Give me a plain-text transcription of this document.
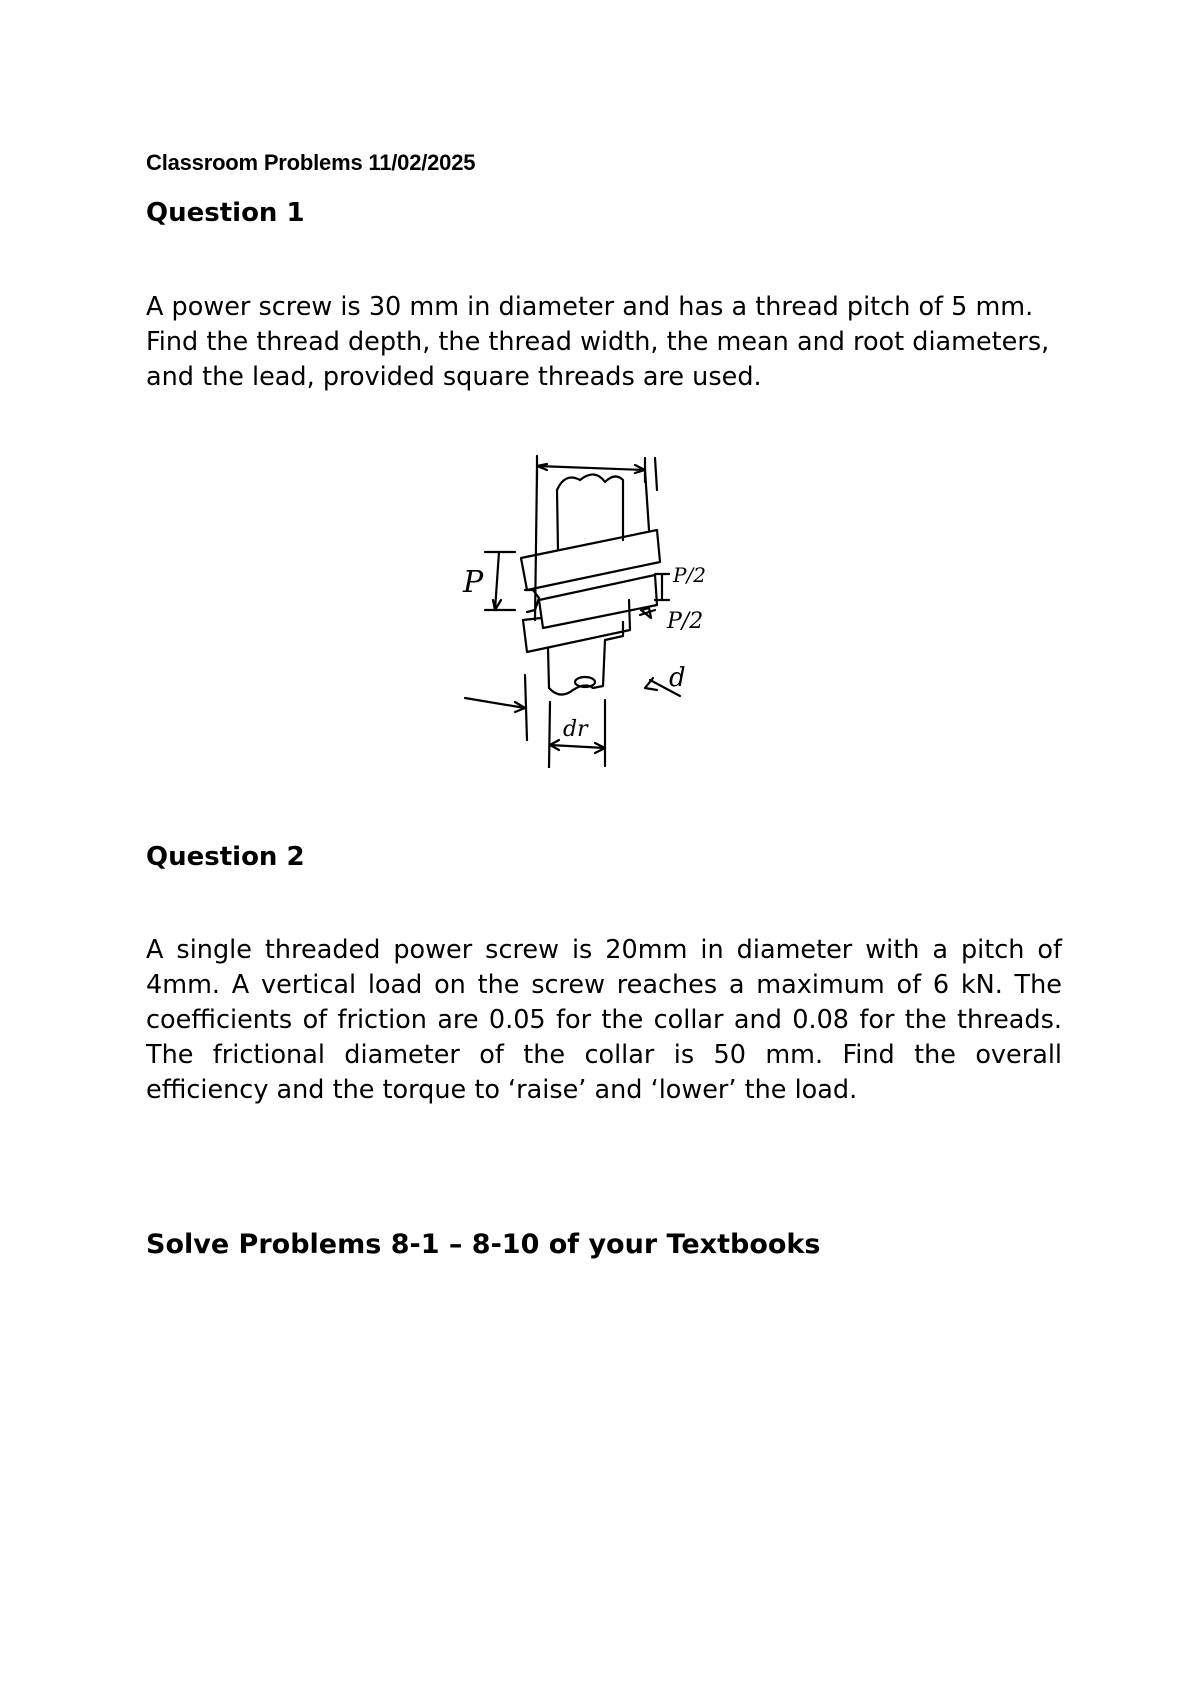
Classroom Problems 11/02/2025
Question 1
A power screw is 30 mm in diameter and has a thread pitch of 5 mm. Find the thread depth, the thread width, the mean and root diameters, and the lead, provided square threads are used.
P	P/2
P/2
d
dr
Question 2
A single threaded power screw is 20mm in diameter with a pitch of 4mm. A vertical load on the screw reaches a maximum of 6 kN. The coefficients of friction are 0.05 for the collar and 0.08 for the threads. The frictional diameter of the collar is 50 mm. Find the overall efficiency and the torque to ‘raise’ and ‘lower’ the load.
Solve Problems 8-1 – 8-10 of your Textbooks
